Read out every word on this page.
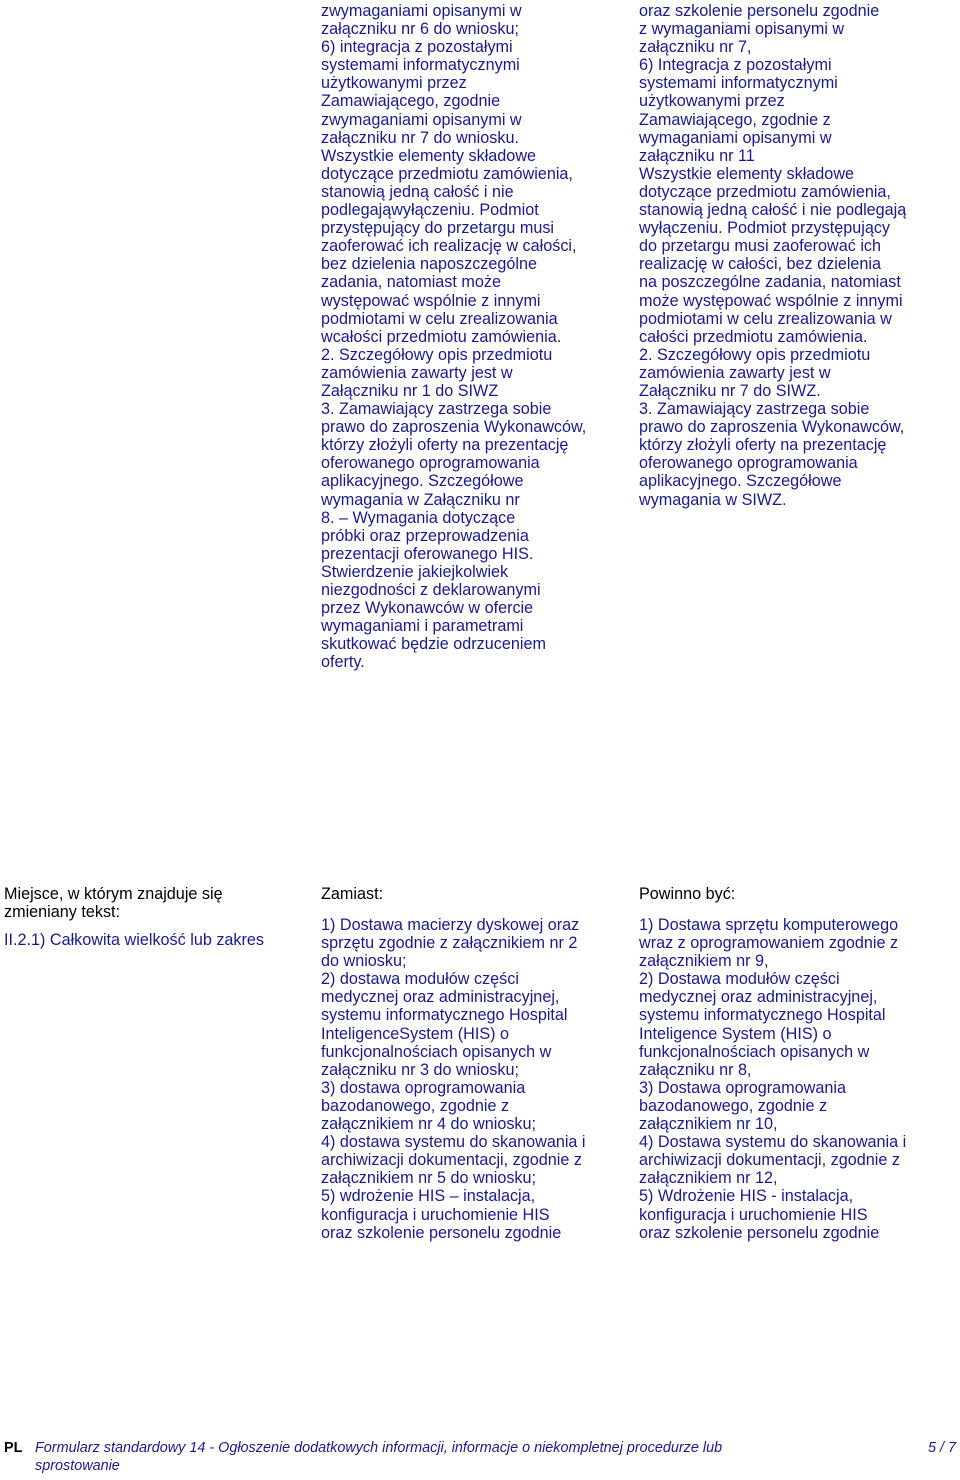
zwymaganiami opisanymi w
załączniku nr 6 do wniosku;
6) integracja z pozostałymi
systemami informatycznymi
użytkowanymi przez
Zamawiającego, zgodnie
zwymaganiami opisanymi w
załączniku nr 7 do wniosku.
Wszystkie elementy składowe
dotyczące przedmiotu zamówienia,
stanowią jedną całość i nie
podlegająwyłączeniu. Podmiot
przystępujący do przetargu musi
zaoferować ich realizację w całości,
bez dzielenia naposzczególne
zadania, natomiast może
występować wspólnie z innymi
podmiotami w celu zrealizowania
wcałości przedmiotu zamówienia.
2. Szczegółowy opis przedmiotu
zamówienia zawarty jest w
Załączniku nr 1 do SIWZ
3. Zamawiający zastrzega sobie
prawo do zaproszenia Wykonawców,
którzy złożyli oferty na prezentację
oferowanego oprogramowania
aplikacyjnego. Szczegółowe
wymagania w Załączniku nr
8. – Wymagania dotyczące
próbki oraz przeprowadzenia
prezentacji oferowanego HIS.
Stwierdzenie jakiejkolwiek
niezgodności z deklarowanymi
przez Wykonawców w ofercie
wymaganiami i parametrami
skutkować będzie odrzuceniem
oferty.
oraz szkolenie personelu zgodnie
z wymaganiami opisanymi w
załączniku nr 7,
6) Integracja z pozostałymi
systemami informatycznymi
użytkowanymi przez
Zamawiającego, zgodnie z
wymaganiami opisanymi w
załączniku nr 11
Wszystkie elementy składowe
dotyczące przedmiotu zamówienia,
stanowią jedną całość i nie podlegają
wyłączeniu. Podmiot przystępujący
do przetargu musi zaoferować ich
realizację w całości, bez dzielenia
na poszczególne zadania, natomiast
może występować wspólnie z innymi
podmiotami w celu zrealizowania w
całości przedmiotu zamówienia.
2. Szczegółowy opis przedmiotu
zamówienia zawarty jest w
Załączniku nr 7 do SIWZ.
3. Zamawiający zastrzega sobie
prawo do zaproszenia Wykonawców,
którzy złożyli oferty na prezentację
oferowanego oprogramowania
aplikacyjnego. Szczegółowe
wymagania w SIWZ.
Miejsce, w którym znajduje się
zmieniany tekst:
II.2.1) Całkowita wielkość lub zakres
Zamiast:	Powinno być:
1) Dostawa macierzy dyskowej oraz
sprzętu zgodnie z załącznikiem nr 2
do wniosku;
2) dostawa modułów części
medycznej oraz administracyjnej,
systemu informatycznego Hospital
InteligenceSystem (HIS) o
funkcjonalnościach opisanych w
załączniku nr 3 do wniosku;
3) dostawa oprogramowania
bazodanowego, zgodnie z
załącznikiem nr 4 do wniosku;
4) dostawa systemu do skanowania i
archiwizacji dokumentacji, zgodnie z
załącznikiem nr 5 do wniosku;
5) wdrożenie HIS – instalacja,
konfiguracja i uruchomienie HIS
oraz szkolenie personelu zgodnie
1) Dostawa sprzętu komputerowego
wraz z oprogramowaniem zgodnie z
załącznikiem nr 9,
2) Dostawa modułów części
medycznej oraz administracyjnej,
systemu informatycznego Hospital
Inteligence System (HIS) o
funkcjonalnościach opisanych w
załączniku nr 8,
3) Dostawa oprogramowania
bazodanowego, zgodnie z
załącznikiem nr 10,
4) Dostawa systemu do skanowania i
archiwizacji dokumentacji, zgodnie z
załącznikiem nr 12,
5) Wdrożenie HIS - instalacja,
konfiguracja i uruchomienie HIS
oraz szkolenie personelu zgodnie
PL Formularz standardowy 14 - Ogłoszenie dodatkowych informacji, informacje o niekompletnej procedurze lub
sprostowanie
5 / 7
